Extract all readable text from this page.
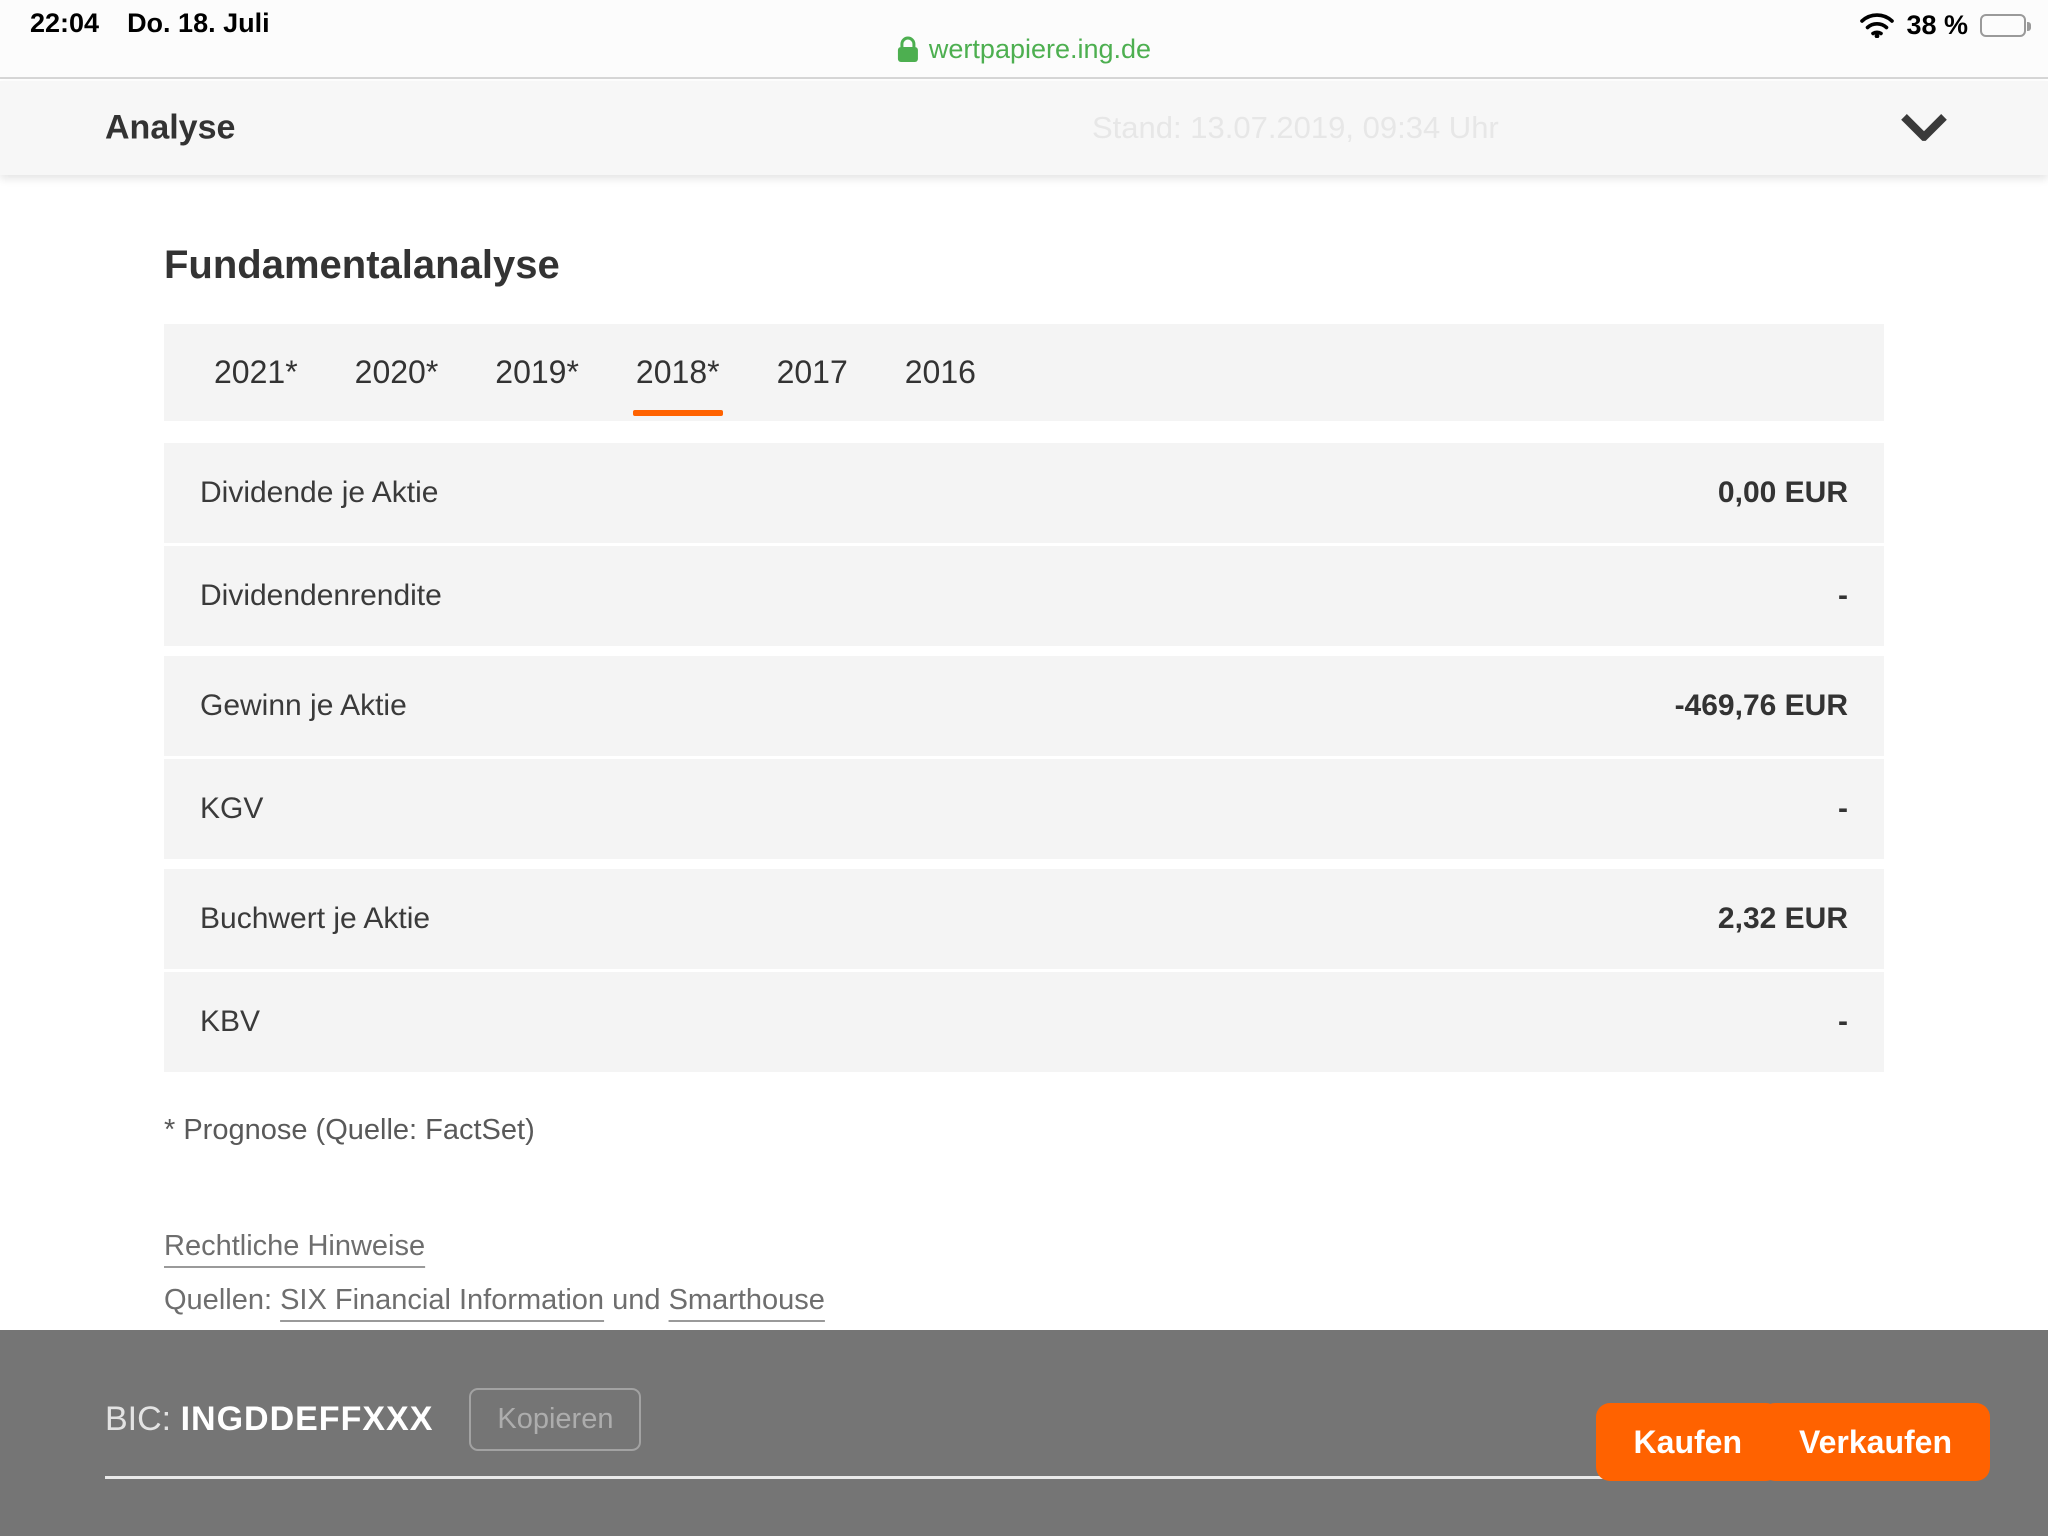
22:04 Do. 18. Juli
wertpapiere.ing.de
38 %
Analyse	Stand: 13.07.2019, 09:34 Uhr
Fundamentalanalyse
2021* 2020* 2019* 2018* 2017 2016
Dividende je Aktie	0,00 EUR
Dividendenrendite	-
Gewinn je Aktie	-469,76 EUR
KGV	-
Buchwert je Aktie	2,32 EUR
KBV	-
* Prognose (Quelle: FactSet)
Rechtliche Hinweise
Quellen: SIX Financial Information und Smarthouse
BIC: INGDDEFFXXX	Kopieren
Kaufen	Verkaufen
